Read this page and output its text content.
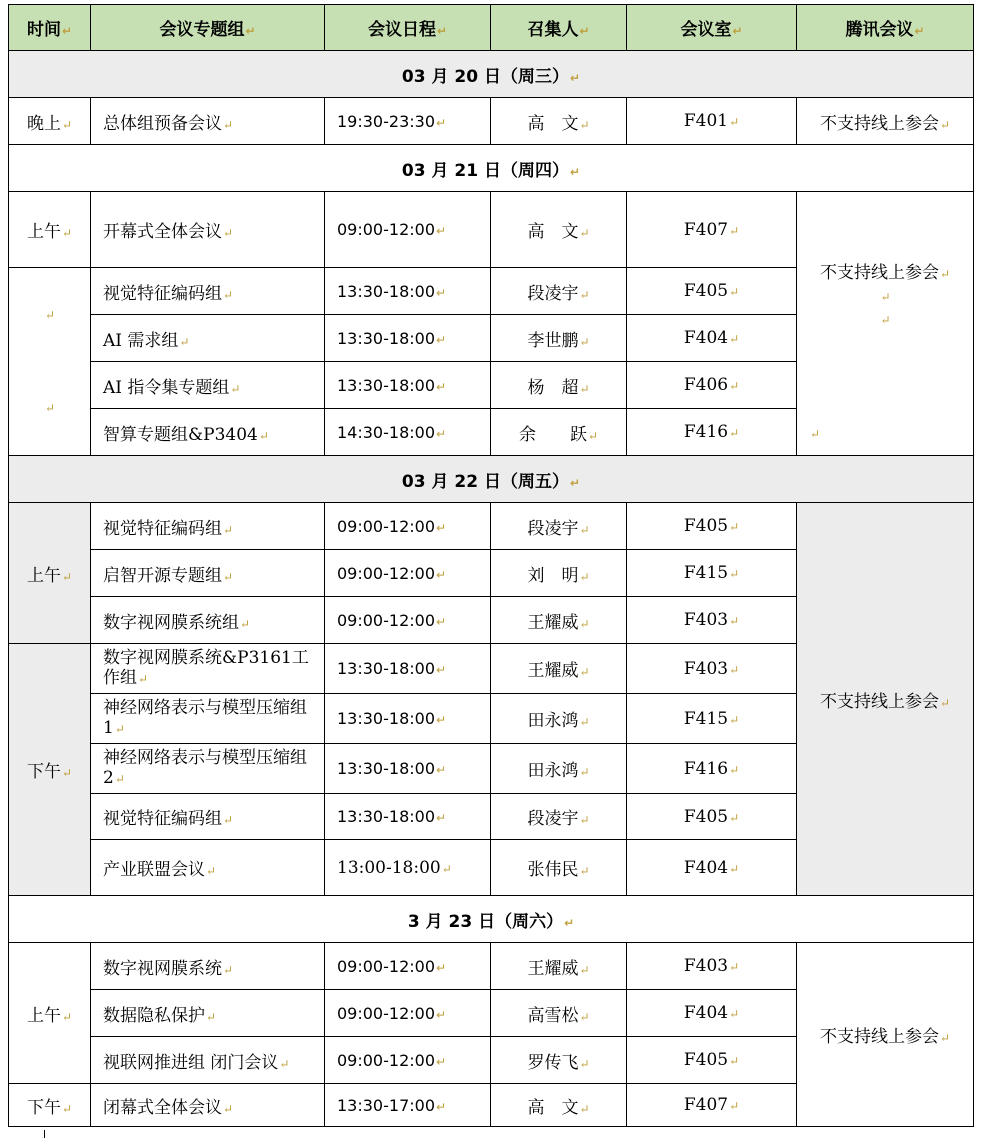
时间↵	会议专题组↵	会议日程↵	召集人↵	会议室↵	腾讯会议↵
03 月 20 日（周三）↵					
晚上↵	总体组预备会议↵	19:30-23:30↵	高　文↵	F401↵	不支持线上参会↵
03 月 21 日（周四）↵					
上午↵	开幕式全体会议↵	09:00-12:00↵	高　文↵	F407↵	不支持线上参会↵
↵
↵
↵

↵
↵	视觉特征编码组↵	13:30-18:00↵	段凌宇↵	F405↵	
	AI 需求组↵	13:30-18:00↵	李世鹏↵	F404↵	
	AI 指令集专题组↵	13:30-18:00↵	杨　超↵	F406↵	
	智算专题组&P3404↵	14:30-18:00↵	余　　跃↵	F416↵	
03 月 22 日（周五）↵					
上午↵	视觉特征编码组↵	09:00-12:00↵	段凌宇↵	F405↵	不支持线上参会↵
	启智开源专题组↵	09:00-12:00↵	刘　明↵	F415↵	
	数字视网膜系统组↵	09:00-12:00↵	王耀威↵	F403↵	
下午↵	数字视网膜系统&P3161工作组↵	13:30-18:00↵	王耀威↵	F403↵	
	神经网络表示与模型压缩组 1↵	13:30-18:00↵	田永鸿↵	F415↵	
	神经网络表示与模型压缩组 2↵	13:30-18:00↵	田永鸿↵	F416↵	
	视觉特征编码组↵	13:30-18:00↵	段凌宇↵	F405↵	
	产业联盟会议↵	13:00-18:00↵	张伟民↵	F404↵	
3 月 23 日（周六）↵					
上午↵	数字视网膜系统↵	09:00-12:00↵	王耀威↵	F403↵	不支持线上参会↵
	数据隐私保护↵	09:00-12:00↵	高雪松↵	F404↵	
	视联网推进组 闭门会议↵	09:00-12:00↵	罗传飞↵	F405↵	
下午↵	闭幕式全体会议↵	13:30-17:00↵	高　文↵	F407↵	
